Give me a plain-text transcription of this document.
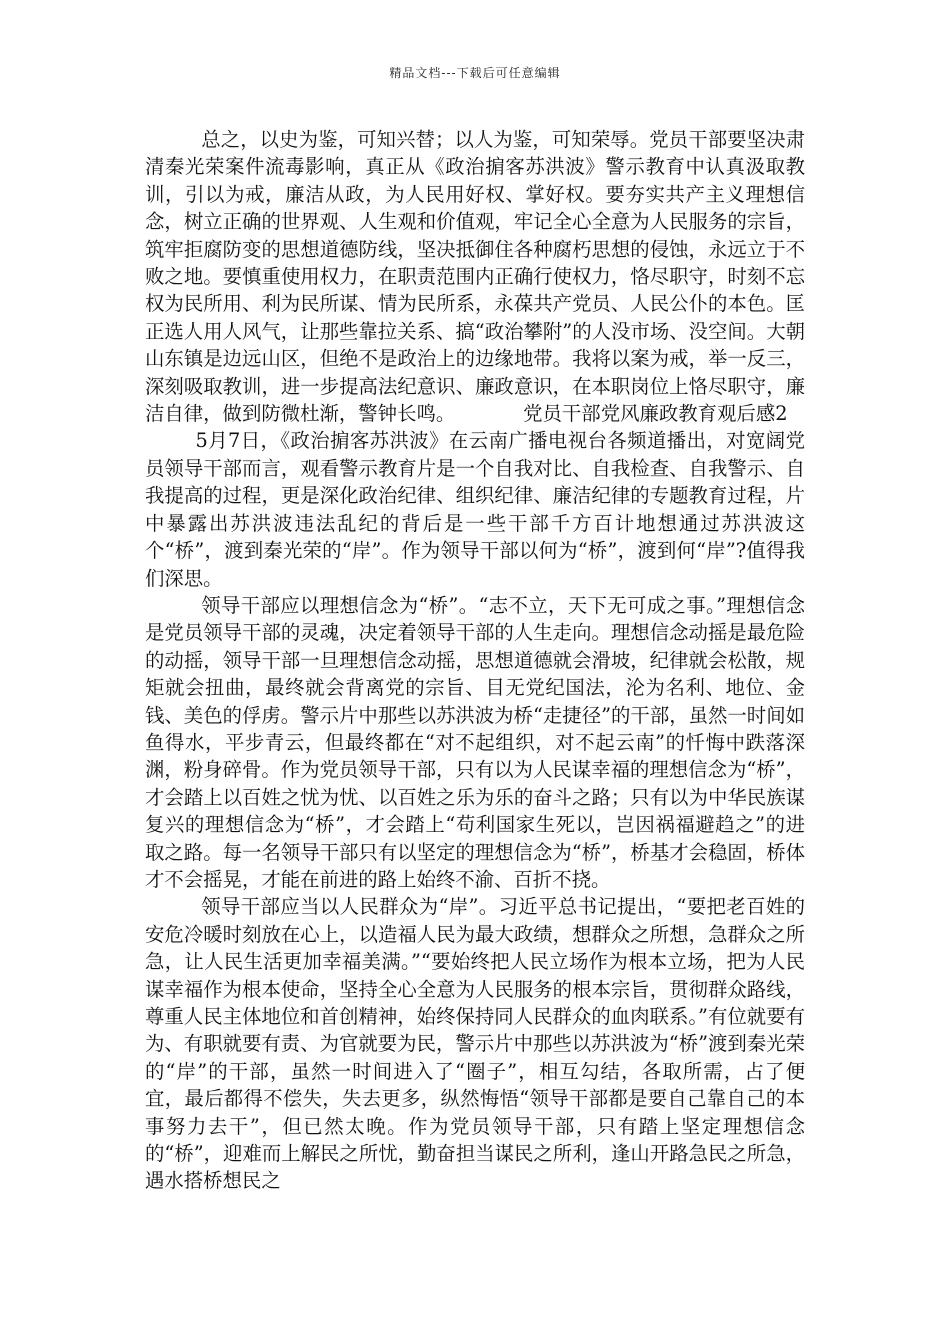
精品文档---下载后可任意编辑

总之，以史为鉴，可知兴替；以人为鉴，可知荣辱。党员干部要坚决肃清秦光荣案件流毒影响，真正从《政治掮客苏洪波》警示教育中认真汲取教训，引以为戒，廉洁从政，为人民用好权、掌好权。要夯实共产主义理想信念，树立正确的世界观、人生观和价值观，牢记全心全意为人民服务的宗旨，筑牢拒腐防变的思想道德防线，坚决抵御住各种腐朽思想的侵蚀，永远立于不败之地。要慎重使用权力，在职责范围内正确行使权力，恪尽职守，时刻不忘权为民所用、利为民所谋、情为民所系，永葆共产党员、人民公仆的本色。匡正选人用人风气，让那些靠拉关系、搞“政治攀附”的人没市场、没空间。大朝山东镇是边远山区，但绝不是政治上的边缘地带。我将以案为戒，举一反三，深刻吸取教训，进一步提高法纪意识、廉政意识，在本职岗位上恪尽职守，廉洁自律，做到防微杜渐，警钟长鸣。	党员干部党风廉政教育观后感2

5月7日，《政治掮客苏洪波》在云南广播电视台各频道播出，对宽阔党员领导干部而言，观看警示教育片是一个自我对比、自我检查、自我警示、自我提高的过程，更是深化政治纪律、组织纪律、廉洁纪律的专题教育过程，片中暴露出苏洪波违法乱纪的背后是一些干部千方百计地想通过苏洪波这个“桥”，渡到秦光荣的“岸”。作为领导干部以何为“桥”，渡到何“岸”?值得我们深思。

领导干部应以理想信念为“桥”。“志不立，天下无可成之事。”理想信念是党员领导干部的灵魂，决定着领导干部的人生走向。理想信念动摇是最危险的动摇，领导干部一旦理想信念动摇，思想道德就会滑坡，纪律就会松散，规矩就会扭曲，最终就会背离党的宗旨、目无党纪国法，沦为名利、地位、金钱、美色的俘虏。警示片中那些以苏洪波为桥“走捷径”的干部，虽然一时间如鱼得水，平步青云，但最终都在“对不起组织，对不起云南”的忏悔中跌落深渊，粉身碎骨。作为党员领导干部，只有以为人民谋幸福的理想信念为“桥”，才会踏上以百姓之忧为忧、以百姓之乐为乐的奋斗之路；只有以为中华民族谋复兴的理想信念为“桥”，才会踏上“苟利国家生死以，岂因祸福避趋之”的进取之路。每一名领导干部只有以坚定的理想信念为“桥”，桥基才会稳固，桥体才不会摇晃，才能在前进的路上始终不渝、百折不挠。

领导干部应当以人民群众为“岸”。习近平总书记提出，“要把老百姓的安危冷暖时刻放在心上，以造福人民为最大政绩，想群众之所想，急群众之所急，让人民生活更加幸福美满。”“要始终把人民立场作为根本立场，把为人民谋幸福作为根本使命，坚持全心全意为人民服务的根本宗旨，贯彻群众路线，尊重人民主体地位和首创精神，始终保持同人民群众的血肉联系。”有位就要有为、有职就要有责、为官就要为民，警示片中那些以苏洪波为“桥”渡到秦光荣的“岸”的干部，虽然一时间进入了“圈子”，相互勾结，各取所需，占了便宜，最后都得不偿失，失去更多，纵然悔悟“领导干部都是要自己靠自己的本事努力去干”，但已然太晚。作为党员领导干部，只有踏上坚定理想信念的“桥”，迎难而上解民之所忧，勤奋担当谋民之所利，逢山开路急民之所急，遇水搭桥想民之
